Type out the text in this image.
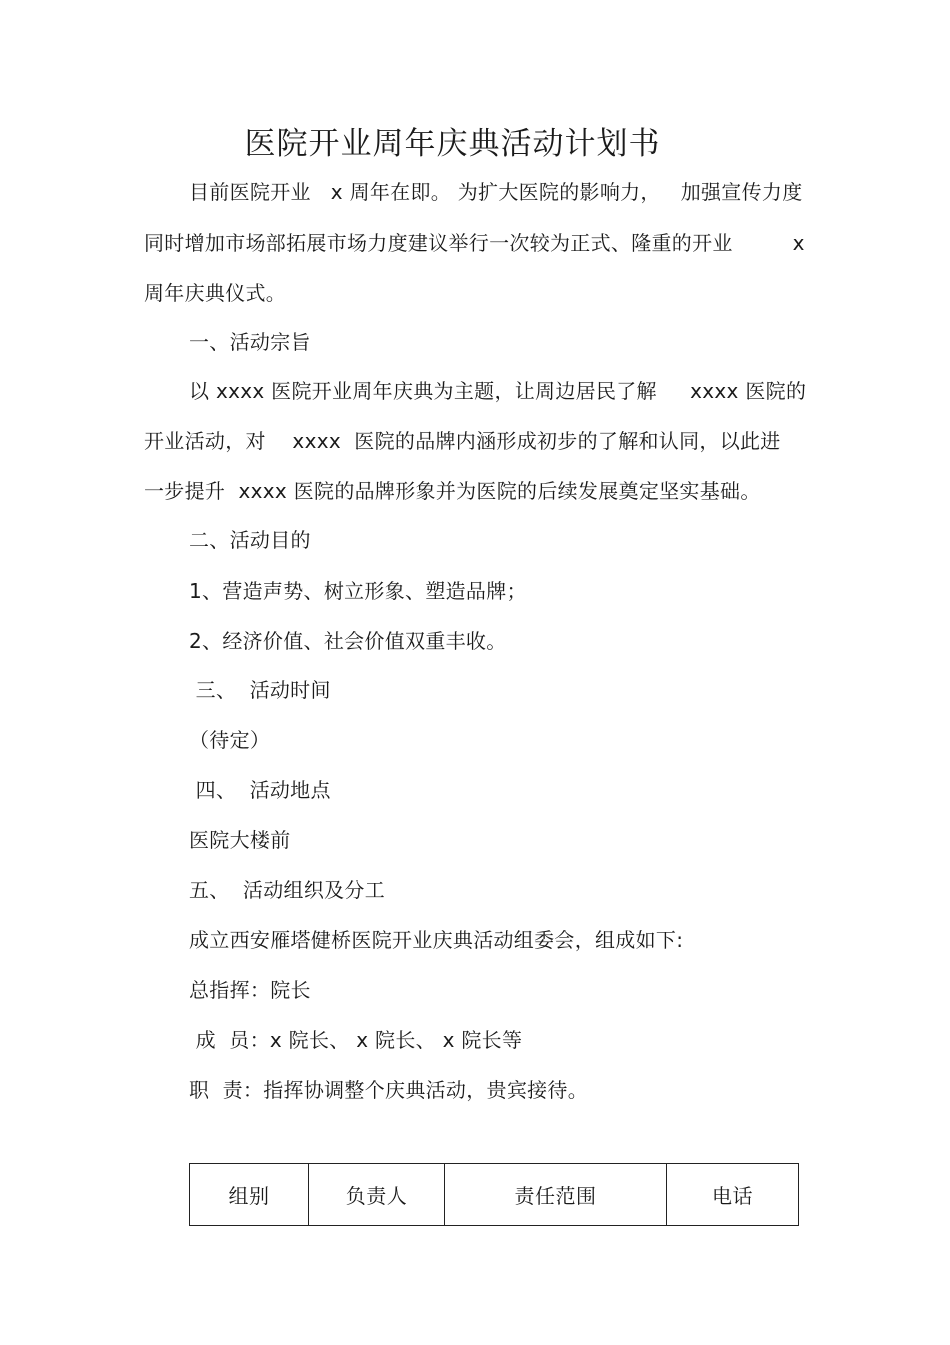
医院开业周年庆典活动计划书
目前医院开业   x 周年在即。 为扩大医院的影响力，   加强宣传力度
同时增加市场部拓展市场力度建议举行一次较为正式、隆重的开业         x
周年庆典仪式。
一、活动宗旨
以 xxxx 医院开业周年庆典为主题，让周边居民了解     xxxx 医院的
开业活动，对    xxxx  医院的品牌内涵形成初步的了解和认同，以此进
一步提升  xxxx 医院的品牌形象并为医院的后续发展奠定坚实基础。
二、活动目的
1、营造声势、树立形象、塑造品牌；
2、经济价值、社会价值双重丰收。
三、  活动时间
（待定）
四、  活动地点
医院大楼前
五、  活动组织及分工
成立西安雁塔健桥医院开业庆典活动组委会，组成如下:
总指挥：院长
成  员：x 院长、 x 院长、 x 院长等
职  责：指挥协调整个庆典活动，贵宾接待。
组别	负责人	责任范围	电话
